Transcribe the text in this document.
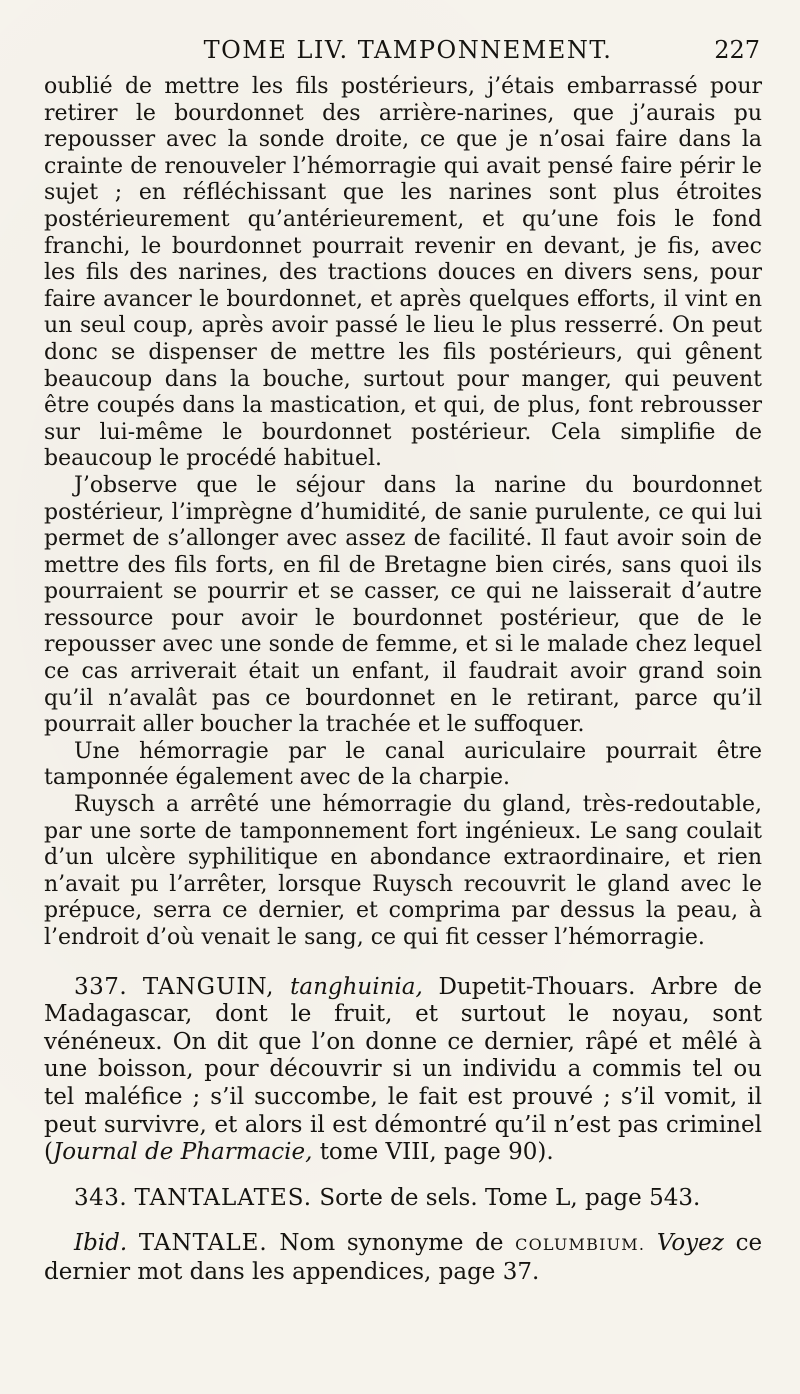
TOME LIV. TAMPONNEMENT.	227

oublié de mettre les fils postérieurs, j’étais embarrassé pour retirer le bourdonnet des arrière-narines, que j’aurais pu repousser avec la sonde droite, ce que je n’osai faire dans la crainte de renouveler l’hémorragie qui avait pensé faire périr le sujet ; en réfléchissant que les narines sont plus étroites postérieurement qu’antérieurement, et qu’une fois le fond franchi, le bourdonnet pourrait revenir en devant, je fis, avec les fils des narines, des tractions douces en divers sens, pour faire avancer le bourdonnet, et après quelques efforts, il vint en un seul coup, après avoir passé le lieu le plus resserré. On peut donc se dispenser de mettre les fils postérieurs, qui gênent beaucoup dans la bouche, surtout pour manger, qui peuvent être coupés dans la mastication, et qui, de plus, font rebrousser sur lui-même le bourdonnet postérieur. Cela simplifie de beaucoup le procédé habituel.

J’observe que le séjour dans la narine du bourdonnet postérieur, l’imprègne d’humidité, de sanie purulente, ce qui lui permet de s’allonger avec assez de facilité. Il faut avoir soin de mettre des fils forts, en fil de Bretagne bien cirés, sans quoi ils pourraient se pourrir et se casser, ce qui ne laisserait d’autre ressource pour avoir le bourdonnet postérieur, que de le repousser avec une sonde de femme, et si le malade chez lequel ce cas arriverait était un enfant, il faudrait avoir grand soin qu’il n’avalât pas ce bourdonnet en le retirant, parce qu’il pourrait aller boucher la trachée et le suffoquer.

Une hémorragie par le canal auriculaire pourrait être tamponnée également avec de la charpie.

Ruysch a arrêté une hémorragie du gland, très-redoutable, par une sorte de tamponnement fort ingénieux. Le sang coulait d’un ulcère syphilitique en abondance extraordinaire, et rien n’avait pu l’arrêter, lorsque Ruysch recouvrit le gland avec le prépuce, serra ce dernier, et comprima par dessus la peau, à l’endroit d’où venait le sang, ce qui fit cesser l’hémorragie.

337. TANGUIN, tanghuinia, Dupetit-Thouars. Arbre de Madagascar, dont le fruit, et surtout le noyau, sont vénéneux. On dit que l’on donne ce dernier, râpé et mêlé à une boisson, pour découvrir si un individu a commis tel ou tel maléfice ; s’il succombe, le fait est prouvé ; s’il vomit, il peut survivre, et alors il est démontré qu’il n’est pas criminel (Journal de Pharmacie, tome VIII, page 90).

343. TANTALATES. Sorte de sels. Tome L, page 543.

Ibid. TANTALE. Nom synonyme de COLUMBIUM. Voyez ce dernier mot dans les appendices, page 37.
